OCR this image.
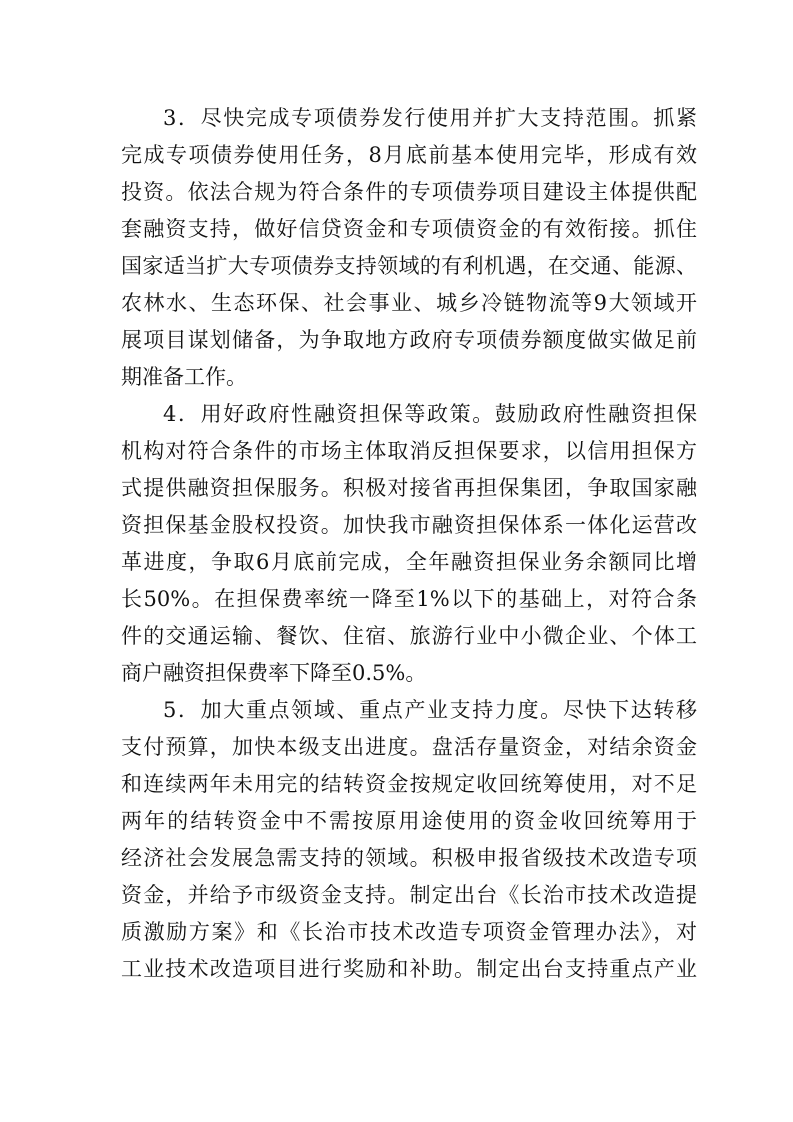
3．尽快完成专项债券发行使用并扩大支持范围。抓紧
完成专项债券使用任务，8月底前基本使用完毕，形成有效
投资。依法合规为符合条件的专项债券项目建设主体提供配
套融资支持，做好信贷资金和专项债资金的有效衔接。抓住
国家适当扩大专项债券支持领域的有利机遇，在交通、能源、
农林水、生态环保、社会事业、城乡冷链物流等9大领域开
展项目谋划储备，为争取地方政府专项债券额度做实做足前
期准备工作。
4．用好政府性融资担保等政策。鼓励政府性融资担保
机构对符合条件的市场主体取消反担保要求，以信用担保方
式提供融资担保服务。积极对接省再担保集团，争取国家融
资担保基金股权投资。加快我市融资担保体系一体化运营改
革进度，争取6月底前完成，全年融资担保业务余额同比增
长50%。在担保费率统一降至1%以下的基础上，对符合条
件的交通运输、餐饮、住宿、旅游行业中小微企业、个体工
商户融资担保费率下降至0.5%。
5．加大重点领域、重点产业支持力度。尽快下达转移
支付预算，加快本级支出进度。盘活存量资金，对结余资金
和连续两年未用完的结转资金按规定收回统筹使用，对不足
两年的结转资金中不需按原用途使用的资金收回统筹用于
经济社会发展急需支持的领域。积极申报省级技术改造专项
资金，并给予市级资金支持。制定出台《长治市技术改造提
质激励方案》和《长治市技术改造专项资金管理办法》，对
工业技术改造项目进行奖励和补助。制定出台支持重点产业
